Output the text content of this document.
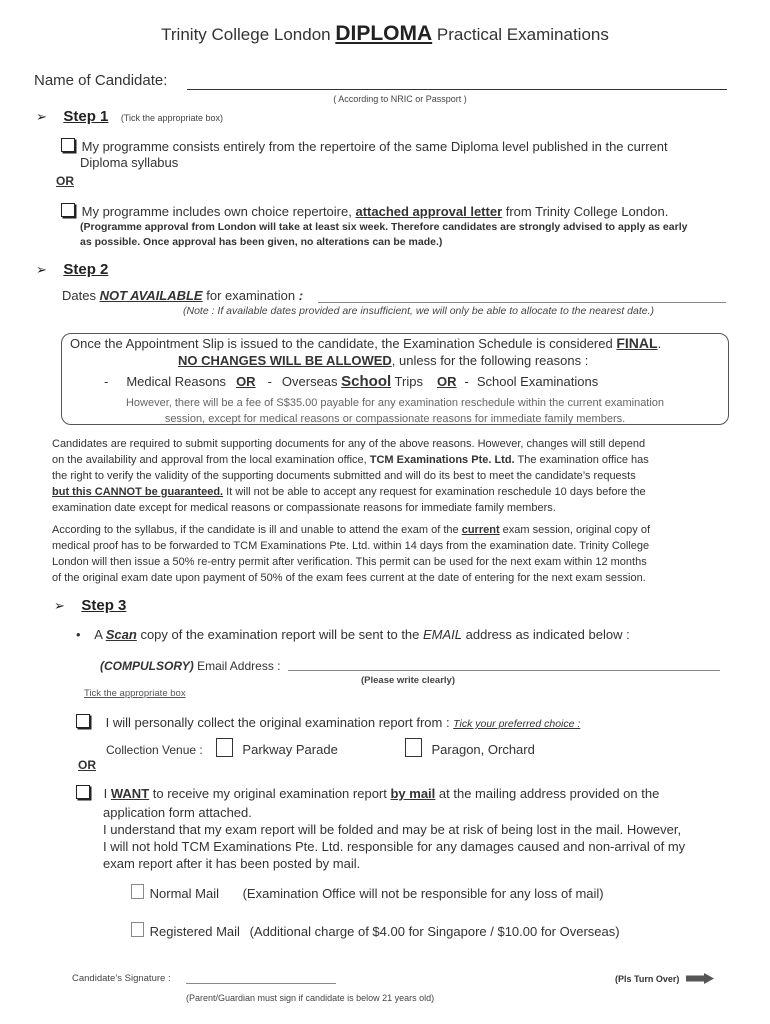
Trinity College London DIPLOMA Practical Examinations
Name of Candidate:
( According to NRIC or Passport )
➢ Step 1 (Tick the appropriate box)
My programme consists entirely from the repertoire of the same Diploma level published in the current
Diploma syllabus
OR
My programme includes own choice repertoire, attached approval letter from Trinity College London.
(Programme approval from London will take at least six week. Therefore candidates are strongly advised to apply as early
as possible. Once approval has been given, no alterations can be made.)
➢ Step 2
Dates NOT AVAILABLE for examination :
(Note : If available dates provided are insufficient, we will only be able to allocate to the nearest date.)
Once the Appointment Slip is issued to the candidate, the Examination Schedule is considered FINAL.
NO CHANGES WILL BE ALLOWED, unless for the following reasons :
- Medical Reasons OR - Overseas School Trips OR - School Examinations
However, there will be a fee of S$35.00 payable for any examination reschedule within the current examination
session, except for medical reasons or compassionate reasons for immediate family members.
Candidates are required to submit supporting documents for any of the above reasons. However, changes will still depend
on the availability and approval from the local examination office, TCM Examinations Pte. Ltd. The examination office has
the right to verify the validity of the supporting documents submitted and will do its best to meet the candidate’s requests
but this CANNOT be guaranteed. It will not be able to accept any request for examination reschedule 10 days before the
examination date except for medical reasons or compassionate reasons for immediate family members.
According to the syllabus, if the candidate is ill and unable to attend the exam of the current exam session, original copy of
medical proof has to be forwarded to TCM Examinations Pte. Ltd. within 14 days from the examination date. Trinity College
London will then issue a 50% re-entry permit after verification. This permit can be used for the next exam within 12 months
of the original exam date upon payment of 50% of the exam fees current at the date of entering for the next exam session.
➢ Step 3
• A Scan copy of the examination report will be sent to the EMAIL address as indicated below :
(COMPULSORY) Email Address :
(Please write clearly)
Tick the appropriate box
I will personally collect the original examination report from : Tick your preferred choice :
Collection Venue :	Parkway Parade	Paragon, Orchard
OR
I WANT to receive my original examination report by mail at the mailing address provided on the
application form attached.
I understand that my exam report will be folded and may be at risk of being lost in the mail. However,
I will not hold TCM Examinations Pte. Ltd. responsible for any damages caused and non-arrival of my
exam report after it has been posted by mail.
Normal Mail (Examination Office will not be responsible for any loss of mail)
Registered Mail (Additional charge of $4.00 for Singapore / $10.00 for Overseas)
Candidate’s Signature :
(Parent/Guardian must sign if candidate is below 21 years old)
(Pls Turn Over)
